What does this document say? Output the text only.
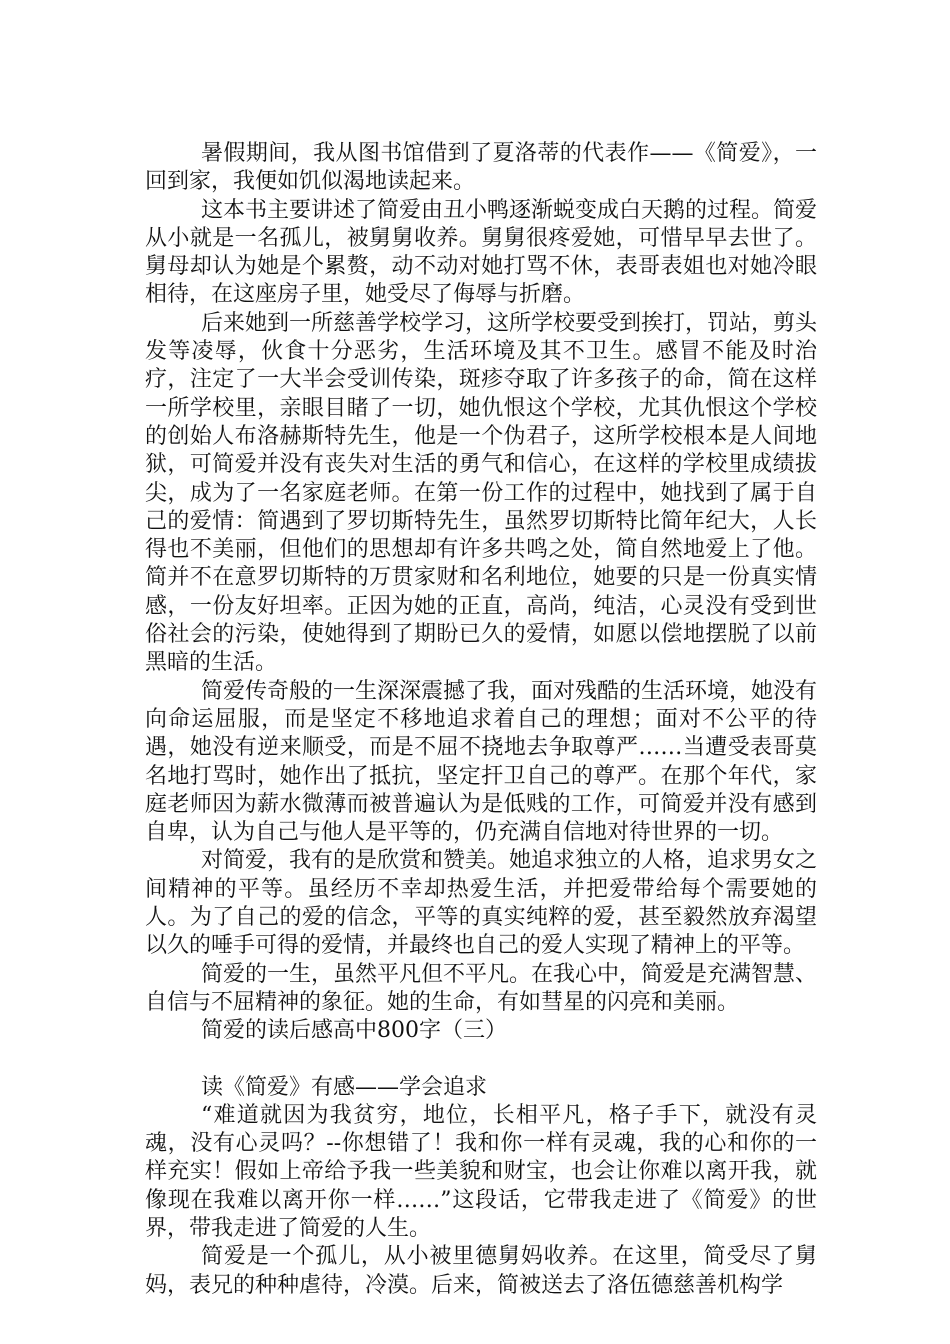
暑假期间，我从图书馆借到了夏洛蒂的代表作——《简爱》，一回到家，我便如饥似渴地读起来。

这本书主要讲述了简爱由丑小鸭逐渐蜕变成白天鹅的过程。简爱从小就是一名孤儿，被舅舅收养。舅舅很疼爱她，可惜早早去世了。舅母却认为她是个累赘，动不动对她打骂不休，表哥表姐也对她冷眼相待，在这座房子里，她受尽了侮辱与折磨。

后来她到一所慈善学校学习，这所学校要受到挨打，罚站，剪头发等凌辱，伙食十分恶劣，生活环境及其不卫生。感冒不能及时治疗，注定了一大半会受训传染，斑疹夺取了许多孩子的命，简在这样一所学校里，亲眼目睹了一切，她仇恨这个学校，尤其仇恨这个学校的创始人布洛赫斯特先生，他是一个伪君子，这所学校根本是人间地狱，可简爱并没有丧失对生活的勇气和信心，在这样的学校里成绩拔尖，成为了一名家庭老师。在第一份工作的过程中，她找到了属于自己的爱情：简遇到了罗切斯特先生，虽然罗切斯特比简年纪大，人长得也不美丽，但他们的思想却有许多共鸣之处，简自然地爱上了他。简并不在意罗切斯特的万贯家财和名利地位，她要的只是一份真实情感，一份友好坦率。正因为她的正直，高尚，纯洁，心灵没有受到世俗社会的污染，使她得到了期盼已久的爱情，如愿以偿地摆脱了以前黑暗的生活。

简爱传奇般的一生深深震撼了我，面对残酷的生活环境，她没有向命运屈服，而是坚定不移地追求着自己的理想；面对不公平的待遇，她没有逆来顺受，而是不屈不挠地去争取尊严……当遭受表哥莫名地打骂时，她作出了抵抗，坚定扞卫自己的尊严。在那个年代，家庭老师因为薪水微薄而被普遍认为是低贱的工作，可简爱并没有感到自卑，认为自己与他人是平等的，仍充满自信地对待世界的一切。

对简爱，我有的是欣赏和赞美。她追求独立的人格，追求男女之间精神的平等。虽经历不幸却热爱生活，并把爱带给每个需要她的人。为了自己的爱的信念，平等的真实纯粹的爱，甚至毅然放弃渴望以久的唾手可得的爱情，并最终也自己的爱人实现了精神上的平等。

简爱的一生，虽然平凡但不平凡。在我心中，简爱是充满智慧、自信与不屈精神的象征。她的生命，有如彗星的闪亮和美丽。

简爱的读后感高中800字（三）

读《简爱》有感——学会追求

“难道就因为我贫穷，地位，长相平凡，格子手下，就没有灵魂，没有心灵吗？--你想错了！我和你一样有灵魂，我的心和你的一样充实！假如上帝给予我一些美貌和财宝，也会让你难以离开我，就像现在我难以离开你一样……”这段话，它带我走进了《简爱》的世界，带我走进了简爱的人生。

简爱是一个孤儿，从小被里德舅妈收养。在这里，简受尽了舅妈，表兄的种种虐待，冷漠。后来，简被送去了洛伍德慈善机构学
